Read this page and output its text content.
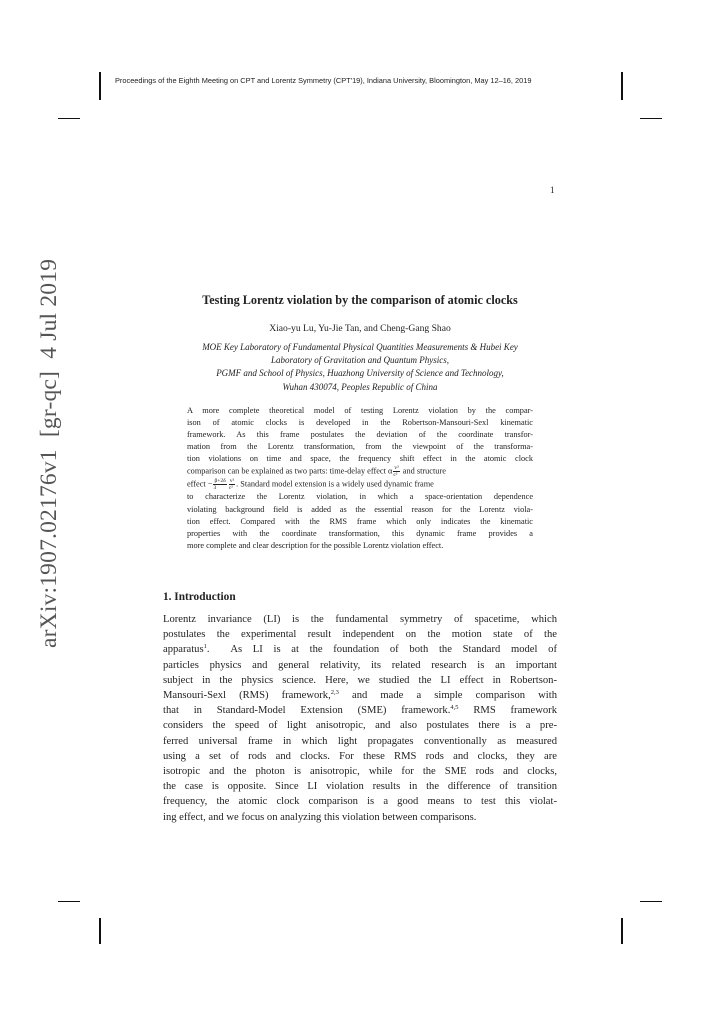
Proceedings of the Eighth Meeting on CPT and Lorentz Symmetry (CPT'19), Indiana University, Bloomington, May 12–16, 2019
1
arXiv:1907.02176v1  [gr-qc]  4 Jul 2019	Testing Lorentz violation by the comparison of atomic clocks
Xiao-yu Lu, Yu-Jie Tan, and Cheng-Gang Shao
MOE Key Laboratory of Fundamental Physical Quantities Measurements & Hubei Key
Laboratory of Gravitation and Quantum Physics,
PGMF and School of Physics, Huazhong University of Science and Technology,
Wuhan 430074, Peoples Republic of China
A more complete theoretical model of testing Lorentz violation by the compar-
ison of atomic clocks is developed in the Robertson-Mansouri-Sexl kinematic
framework. As this frame postulates the deviation of the coordinate transfor-
mation from the Lorentz transformation, from the viewpoint of the transforma-
tion violations on time and space, the frequency shift effect in the atomic clock
comparison can be explained as two parts: time-delay effect α $\frac{\text{v²}}{\text{c²}}$ and structure
effect − $\frac{\beta+2\delta}{3} \frac{\text{v²}}{\text{c²}}$ . Standard model extension is a widely used dynamic frame
to characterize the Lorentz violation, in which a space-orientation dependence
violating background field is added as the essential reason for the Lorentz viola-
tion effect. Compared with the RMS frame which only indicates the kinematic
properties with the coordinate transformation, this dynamic frame provides a
more complete and clear description for the possible Lorentz violation effect.
1. Introduction
Lorentz invariance (LI) is the fundamental symmetry of spacetime, which
postulates the experimental result independent on the motion state of the
apparatus$^1$.  As LI is at the foundation of both the Standard model of
particles physics and general relativity, its related research is an important
subject in the physics science. Here, we studied the LI effect in Robertson-
Mansouri-Sexl (RMS) framework,$^{2,3}$ and made a simple comparison with
that in Standard-Model Extension (SME) framework.$^{4,5}$ RMS framework
considers the speed of light anisotropic, and also postulates there is a pre-
ferred universal frame in which light propagates conventionally as measured
using a set of rods and clocks. For these RMS rods and clocks, they are
isotropic and the photon is anisotropic, while for the SME rods and clocks,
the case is opposite. Since LI violation results in the difference of transition
frequency, the atomic clock comparison is a good means to test this violat-
ing effect, and we focus on analyzing this violation between comparisons.
